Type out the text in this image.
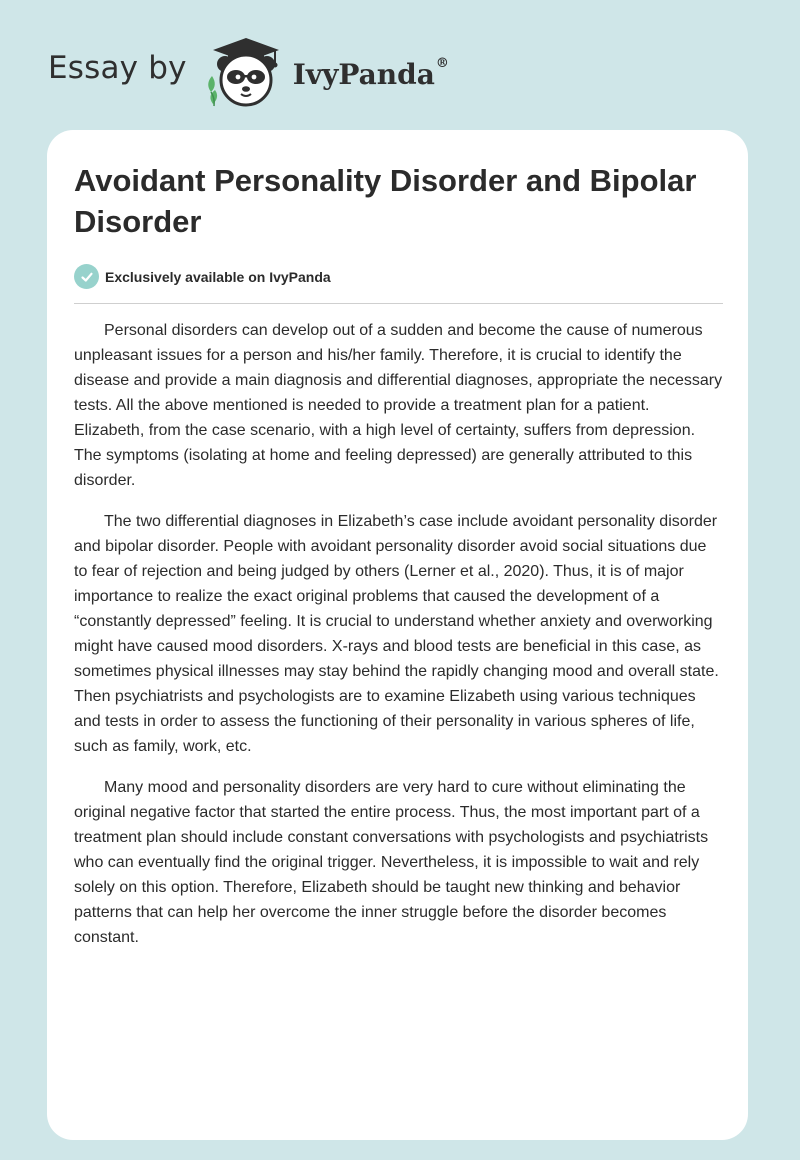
Essay by	IvyPanda®
Avoidant Personality Disorder and Bipolar Disorder
Exclusively available on IvyPanda

Personal disorders can develop out of a sudden and become the cause of numerous unpleasant issues for a person and his/her family. Therefore, it is crucial to identify the disease and provide a main diagnosis and differential diagnoses, appropriate the necessary tests. All the above mentioned is needed to provide a treatment plan for a patient. Elizabeth, from the case scenario, with a high level of certainty, suffers from depression. The symptoms (isolating at home and feeling depressed) are generally attributed to this disorder.

The two differential diagnoses in Elizabeth’s case include avoidant personality disorder and bipolar disorder. People with avoidant personality disorder avoid social situations due to fear of rejection and being judged by others (Lerner et al., 2020). Thus, it is of major importance to realize the exact original problems that caused the development of a “constantly depressed” feeling. It is crucial to understand whether anxiety and overworking might have caused mood disorders. X-rays and blood tests are beneficial in this case, as sometimes physical illnesses may stay behind the rapidly changing mood and overall state. Then psychiatrists and psychologists are to examine Elizabeth using various techniques and tests in order to assess the functioning of their personality in various spheres of life, such as family, work, etc.

Many mood and personality disorders are very hard to cure without eliminating the original negative factor that started the entire process. Thus, the most important part of a treatment plan should include constant conversations with psychologists and psychiatrists who can eventually find the original trigger. Nevertheless, it is impossible to wait and rely solely on this option. Therefore, Elizabeth should be taught new thinking and behavior patterns that can help her overcome the inner struggle before the disorder becomes constant.
